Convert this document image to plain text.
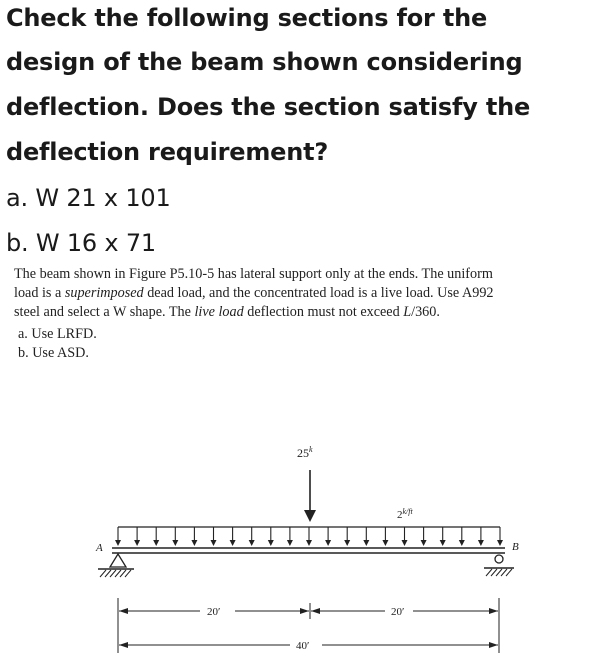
Check the following sections for the
design of the beam shown considering
deflection. Does the section satisfy the
deflection requirement?
a. W 21 x 101
b. W 16 x 71

The beam shown in Figure P5.10-5 has lateral support only at the ends. The uniform

load is a superimposed dead load, and the concentrated load is a live load. Use A992

steel and select a W shape. The live load deflection must not exceed L/360.

a. Use LRFD.

b. Use ASD.

25$^k$
$2^{k/ft}$
A	B
20′	20′
40′
